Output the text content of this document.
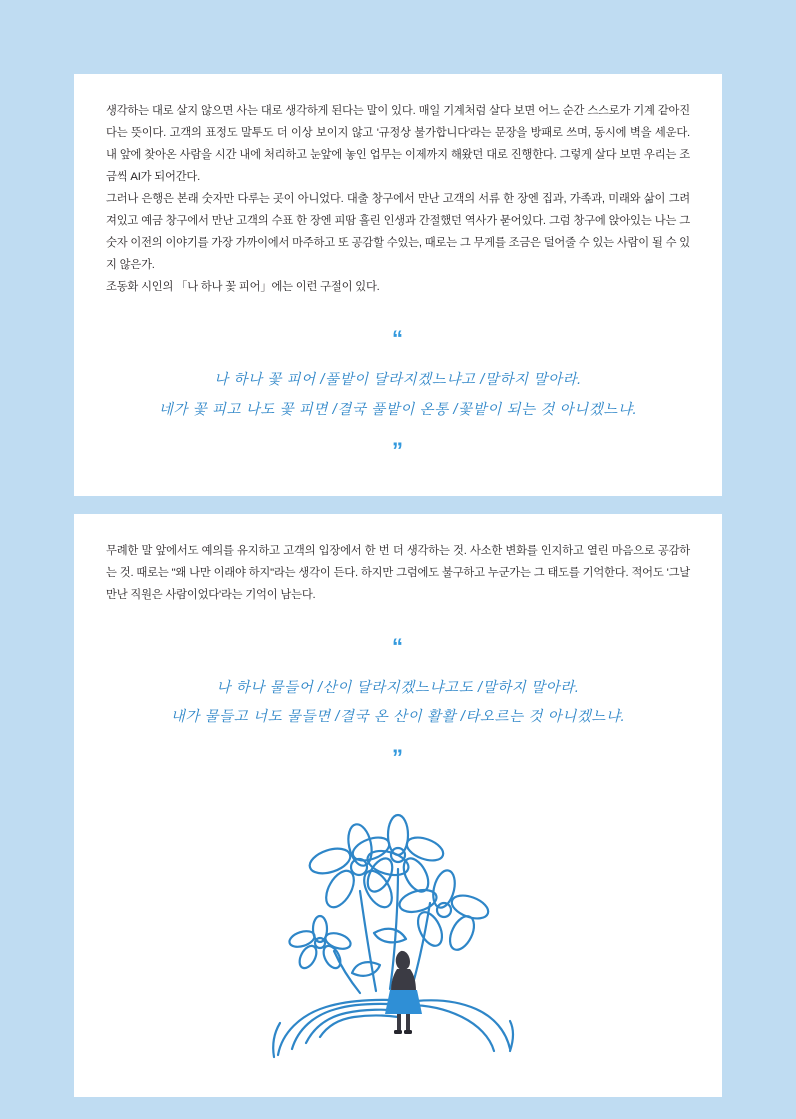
생각하는 대로 살지 않으면 사는 대로 생각하게 된다는 말이 있다. 매일 기계처럼 살다 보면 어느 순간 스스로가 기계 같아진다는 뜻이다. 고객의 표정도 말투도 더 이상 보이지 않고 '규정상 불가합니다'라는 문장을 방패로 쓰며, 동시에 벽을 세운다. 내 앞에 찾아온 사람을 시간 내에 처리하고 눈앞에 놓인 업무는 이제까지 해왔던 대로 진행한다. 그렇게 살다 보면 우리는 조금씩 AI가 되어간다.

그러나 은행은 본래 숫자만 다루는 곳이 아니었다. 대출 창구에서 만난 고객의 서류 한 장엔 집과, 가족과, 미래와 삶이 그려져있고 예금 창구에서 만난 고객의 수표 한 장엔 피땀 흘린 인생과 간절했던 역사가 묻어있다. 그럼 창구에 앉아있는 나는 그 숫자 이전의 이야기를 가장 가까이에서 마주하고 또 공감할 수있는, 때로는 그 무게를 조금은 덜어줄 수 있는 사람이 될 수 있지 않은가.

조동화 시인의 「나 하나 꽃 피어」에는 이런 구절이 있다.

“
나 하나 꽃 피어 /풀밭이 달라지겠느냐고 /말하지 말아라.
네가 꽃 피고 나도 꽃 피면 /결국 풀밭이 온통 /꽃밭이 되는 것 아니겠느냐.
”

무례한 말 앞에서도 예의를 유지하고 고객의 입장에서 한 번 더 생각하는 것. 사소한 변화를 인지하고 열린 마음으로 공감하는 것. 때로는 "왜 나만 이래야 하지"라는 생각이 든다. 하지만 그럼에도 불구하고 누군가는 그 태도를 기억한다. 적어도 '그날 만난 직원은 사람이었다'라는 기억이 남는다.

“
나 하나 물들어 /산이 달라지겠느냐고도 /말하지 말아라.
내가 물들고 너도 물들면 /결국 온 산이 활활 /타오르는 것 아니겠느냐.
”
